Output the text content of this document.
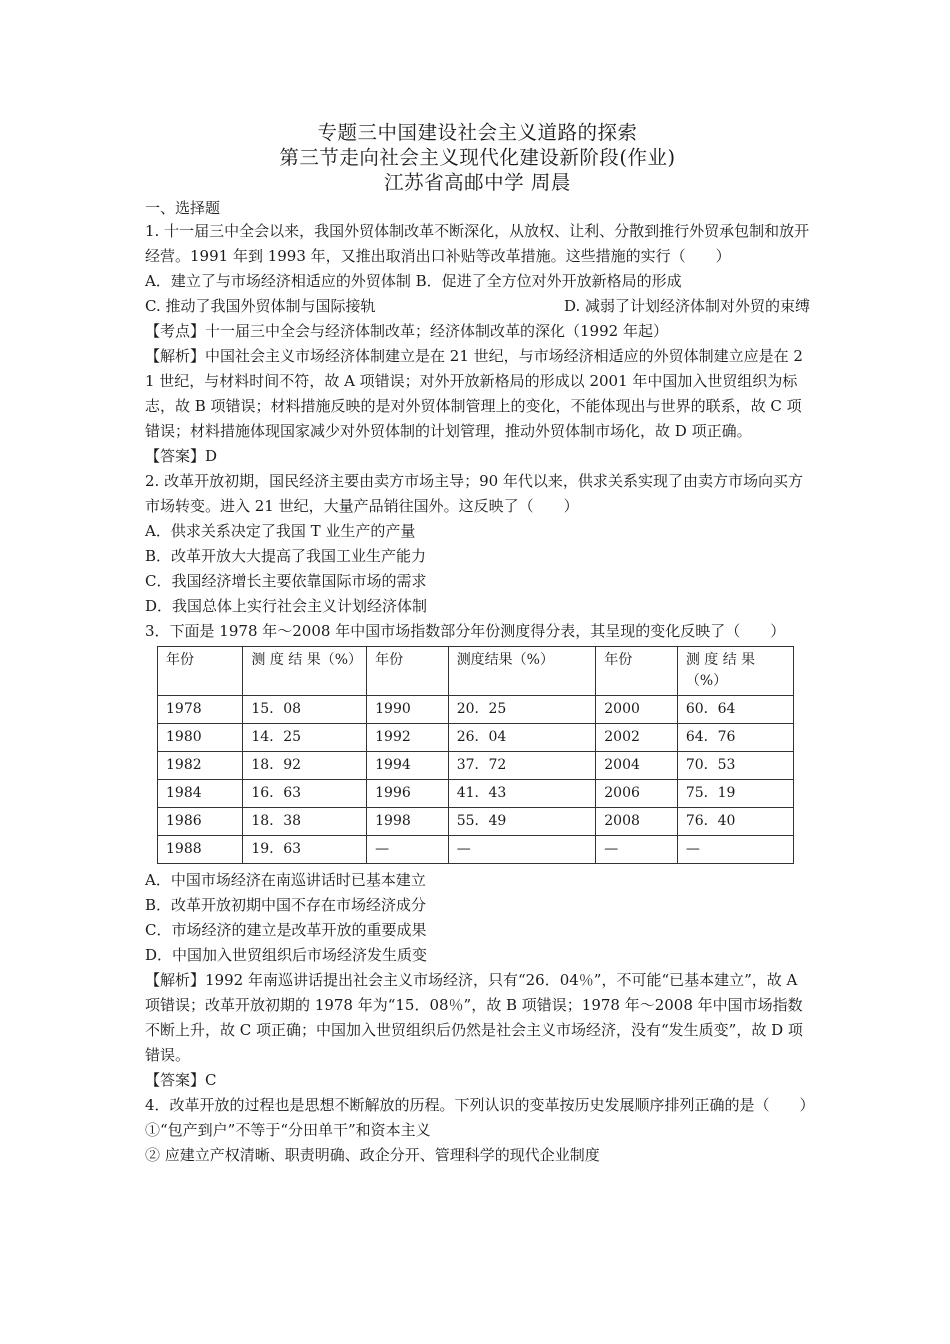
专题三中国建设社会主义道路的探索
第三节走向社会主义现代化建设新阶段(作业)
江苏省高邮中学 周晨
一、选择题

1. 十一届三中全会以来，我国外贸体制改革不断深化，从放权、让利、分散到推行外贸承包制和放开经营。1991 年到 1993 年，又推出取消出口补贴等改革措施。这些措施的实行（　　）

A．建立了与市场经济相适应的外贸体制 B．促进了全方位对外开放新格局的形成

C. 推动了我国外贸体制与国际接轨	D. 减弱了计划经济体制对外贸的束缚

【考点】十一届三中全会与经济体制改革；经济体制改革的深化（1992 年起）

【解析】中国社会主义市场经济体制建立是在 21 世纪，与市场经济相适应的外贸体制建立应是在 21 世纪，与材料时间不符，故 A 项错误；对外开放新格局的形成以 2001 年中国加入世贸组织为标志，故 B 项错误；材料措施反映的是对外贸体制管理上的变化，不能体现出与世界的联系，故 C 项错误；材料措施体现国家减少对外贸体制的计划管理，推动外贸体制市场化，故 D 项正确。

【答案】D

2. 改革开放初期，国民经济主要由卖方市场主导；90 年代以来，供求关系实现了由卖方市场向买方市场转变。进入 21 世纪，大量产品销往国外。这反映了（　　）

A．供求关系决定了我国 T 业生产的产量

B．改革开放大大提高了我国工业生产能力

C．我国经济增长主要依靠国际市场的需求

D．我国总体上实行社会主义计划经济体制

3．下面是 1978 年～2008 年中国市场指数部分年份测度得分表，其呈现的变化反映了（　　）

年份	测 度 结 果（%）	年份	测度结果（%）	年份	测 度 结 果（%）
1978	15．08	1990	20．25	2000	60．64
1980	14．25	1992	26．04	2002	64．76
1982	18．92	1994	37．72	2004	70．53
1984	16．63	1996	41．43	2006	75．19
1986	18．38	1998	55．49	2008	76．40
1988	19．63	—	—	—	—

A．中国市场经济在南巡讲话时已基本建立

B．改革开放初期中国不存在市场经济成分

C．市场经济的建立是改革开放的重要成果

D．中国加入世贸组织后市场经济发生质变

【解析】1992 年南巡讲话提出社会主义市场经济，只有“26．04％”，不可能“已基本建立”，故 A 项错误；改革开放初期的 1978 年为“15．08％”，故 B 项错误；1978 年～2008 年中国市场指数不断上升，故 C 项正确；中国加入世贸组织后仍然是社会主义市场经济，没有“发生质变”，故 D 项错误。

【答案】C

4．改革开放的过程也是思想不断解放的历程。下列认识的变革按历史发展顺序排列正确的是（　　）

①“包产到户”不等于“分田单干”和资本主义

② 应建立产权清晰、职责明确、政企分开、管理科学的现代企业制度
